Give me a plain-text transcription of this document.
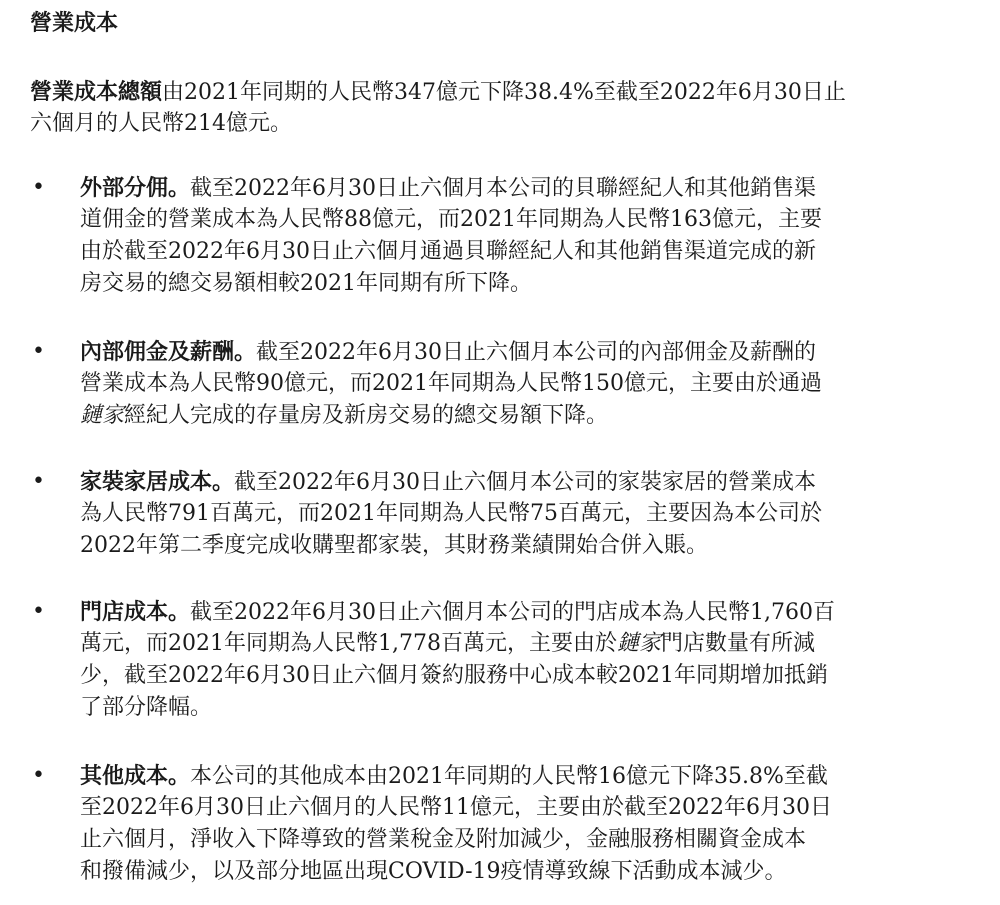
營業成本
營業成本總額由2021年同期的人民幣347億元下降38.4%至截至2022年6月30日止
六個月的人民幣214億元。
• 外部分佣。截至2022年6月30日止六個月本公司的貝聯經紀人和其他銷售渠
道佣金的營業成本為人民幣88億元，而2021年同期為人民幣163億元，主要
由於截至2022年6月30日止六個月通過貝聯經紀人和其他銷售渠道完成的新
房交易的總交易額相較2021年同期有所下降。
• 內部佣金及薪酬。截至2022年6月30日止六個月本公司的內部佣金及薪酬的
營業成本為人民幣90億元，而2021年同期為人民幣150億元，主要由於通過
鏈家經紀人完成的存量房及新房交易的總交易額下降。
• 家裝家居成本。截至2022年6月30日止六個月本公司的家裝家居的營業成本
為人民幣791百萬元，而2021年同期為人民幣75百萬元，主要因為本公司於
2022年第二季度完成收購聖都家裝，其財務業績開始合併入賬。
• 門店成本。截至2022年6月30日止六個月本公司的門店成本為人民幣1,760百
萬元，而2021年同期為人民幣1,778百萬元，主要由於鏈家門店數量有所減
少，截至2022年6月30日止六個月簽約服務中心成本較2021年同期增加抵銷
了部分降幅。
• 其他成本。本公司的其他成本由2021年同期的人民幣16億元下降35.8%至截
至2022年6月30日止六個月的人民幣11億元，主要由於截至2022年6月30日
止六個月，淨收入下降導致的營業稅金及附加減少，金融服務相關資金成本
和撥備減少，以及部分地區出現COVID-19疫情導致線下活動成本減少。
